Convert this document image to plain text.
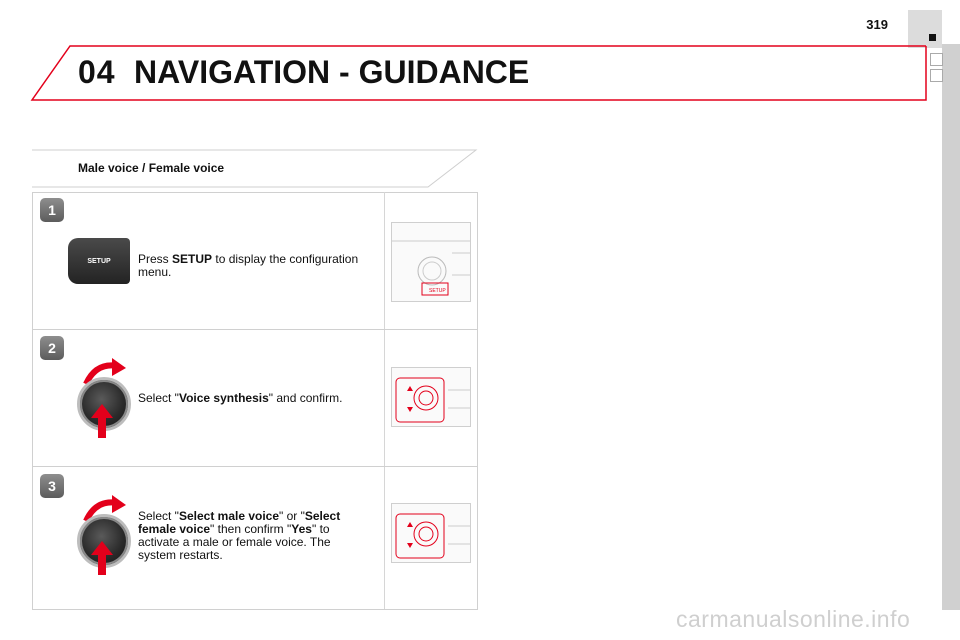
319
04 NAVIGATION - GUIDANCE
Male voice / Female voice
1
SETUP	Press SETUP to display the configuration menu.
SETUP
2
Select "Voice synthesis" and confirm.
3
Select "Select male voice" or "Select female voice" then confirm "Yes" to activate a male or female voice. The system restarts.
carmanualsonline.info
